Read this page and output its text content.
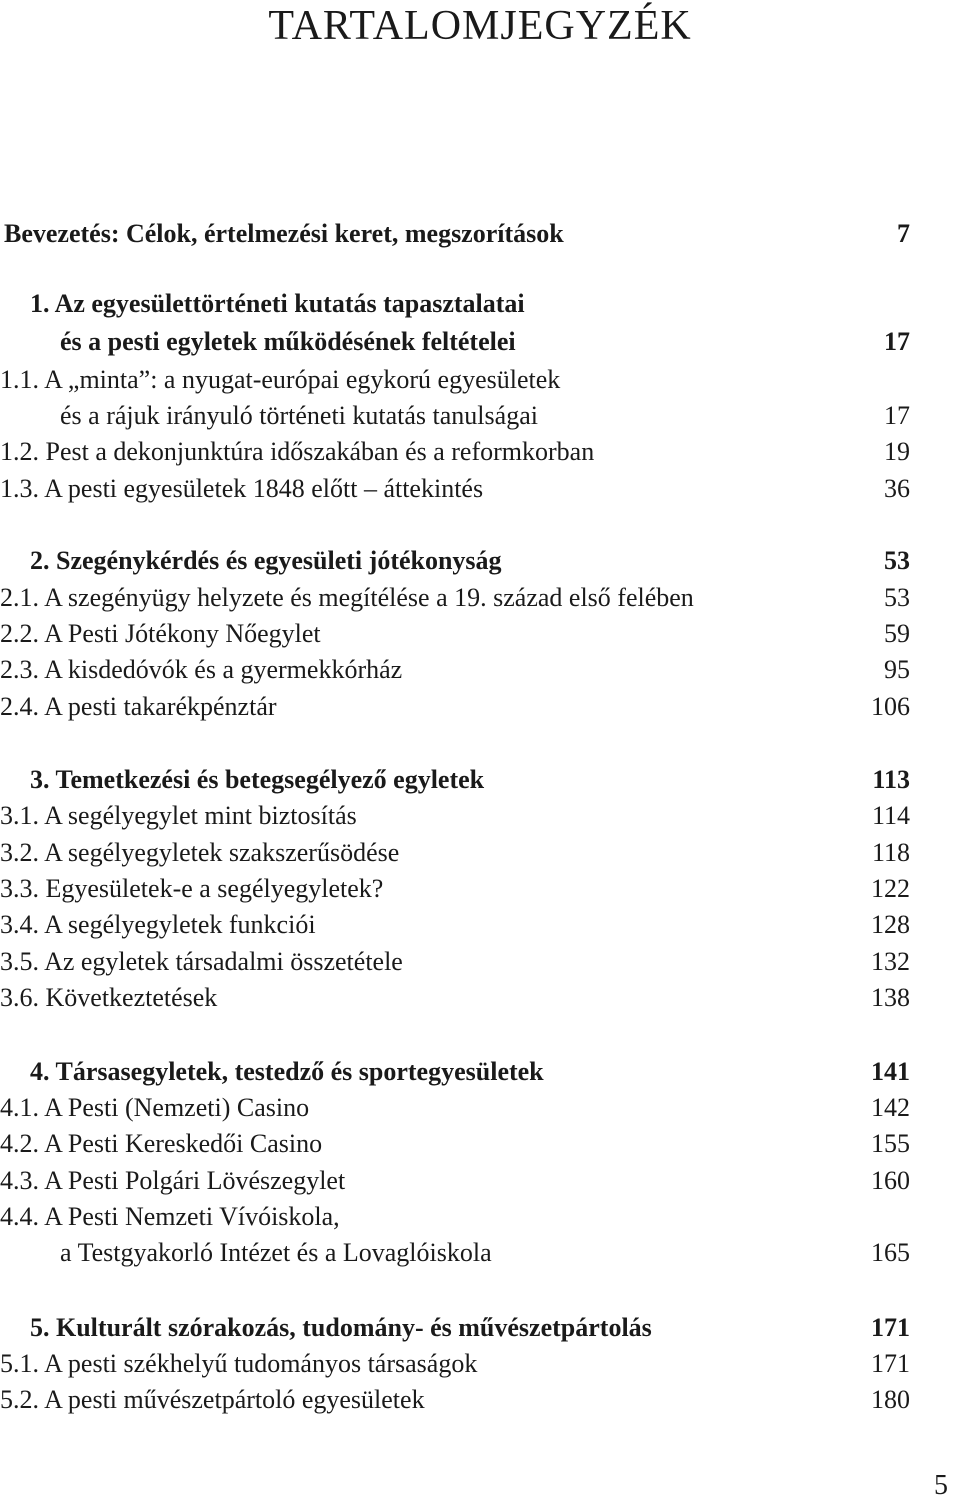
TARTALOMJEGYZÉK
Bevezetés: Célok, értelmezési keret, megszorítások	7
1. Az egyesülettörténeti kutatás tapasztalatai
és a pesti egyletek működésének feltételei	17
1.1. A „minta”: a nyugat-európai egykorú egyesületek
és a rájuk irányuló történeti kutatás tanulságai	17
1.2. Pest a dekonjunktúra időszakában és a reformkorban	19
1.3. A pesti egyesületek 1848 előtt – áttekintés	36
2. Szegénykérdés és egyesületi jótékonyság	53
2.1. A szegényügy helyzete és megítélése a 19. század első felében	53
2.2. A Pesti Jótékony Nőegylet	59
2.3. A kisdedóvók és a gyermekkórház	95
2.4. A pesti takarékpénztár	106
3. Temetkezési és betegsegélyező egyletek	113
3.1. A segélyegylet mint biztosítás	114
3.2. A segélyegyletek szakszerűsödése	118
3.3. Egyesületek-e a segélyegyletek?	122
3.4. A segélyegyletek funkciói	128
3.5. Az egyletek társadalmi összetétele	132
3.6. Következtetések	138
4. Társasegyletek, testedző és sportegyesületek	141
4.1. A Pesti (Nemzeti) Casino	142
4.2. A Pesti Kereskedői Casino	155
4.3. A Pesti Polgári Lövészegylet	160
4.4. A Pesti Nemzeti Vívóiskola,
a Testgyakorló Intézet és a Lovaglóiskola	165
5. Kulturált szórakozás, tudomány- és művészetpártolás	171
5.1. A pesti székhelyű tudományos társaságok	171
5.2. A pesti művészetpártoló egyesületek	180
5
